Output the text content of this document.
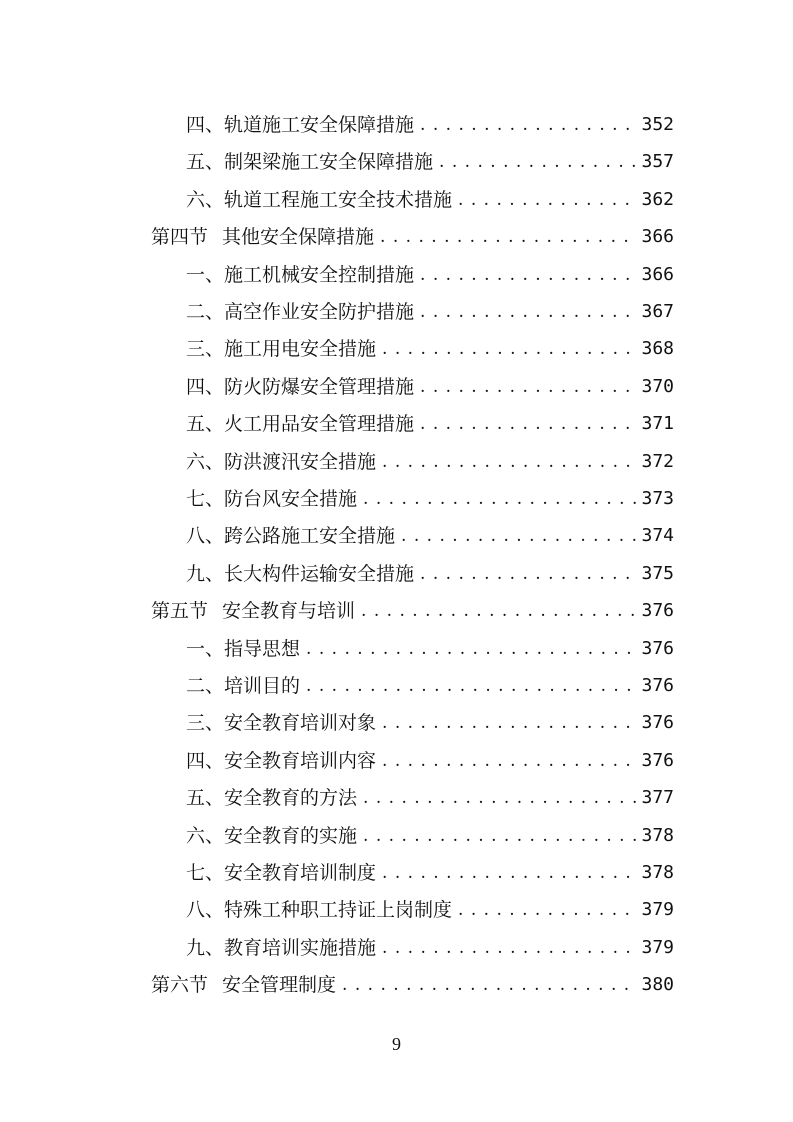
四、 轨道施工安全保障措施 . . .	352
五、 制架梁施工安全保障措施 . . .	357
六、 轨道工程施工安全技术措施 . . .	362
第四节 其他安全保障措施 . . .	366
一、 施工机械安全控制措施 . . .	366
二、 高空作业安全防护措施 . . .	367
三、 施工用电安全措施 . . .	368
四、 防火防爆安全管理措施 . . .	370
五、 火工用品安全管理措施 . . .	371
六、 防洪渡汛安全措施 . . .	372
七、 防台风安全措施 . . .	373
八、 跨公路施工安全措施 . . .	374
九、 长大构件运输安全措施 . . .	375
第五节 安全教育与培训 . . .	376
一、 指导思想 . . .	376
二、 培训目的 . . .	376
三、 安全教育培训对象 . . .	376
四、 安全教育培训内容 . . .	376
五、 安全教育的方法 . . .	377
六、 安全教育的实施 . . .	378
七、 安全教育培训制度 . . .	378
八、 特殊工种职工持证上岗制度 . . .	379
九、 教育培训实施措施 . . .	379
第六节 安全管理制度 . . .	380
9
